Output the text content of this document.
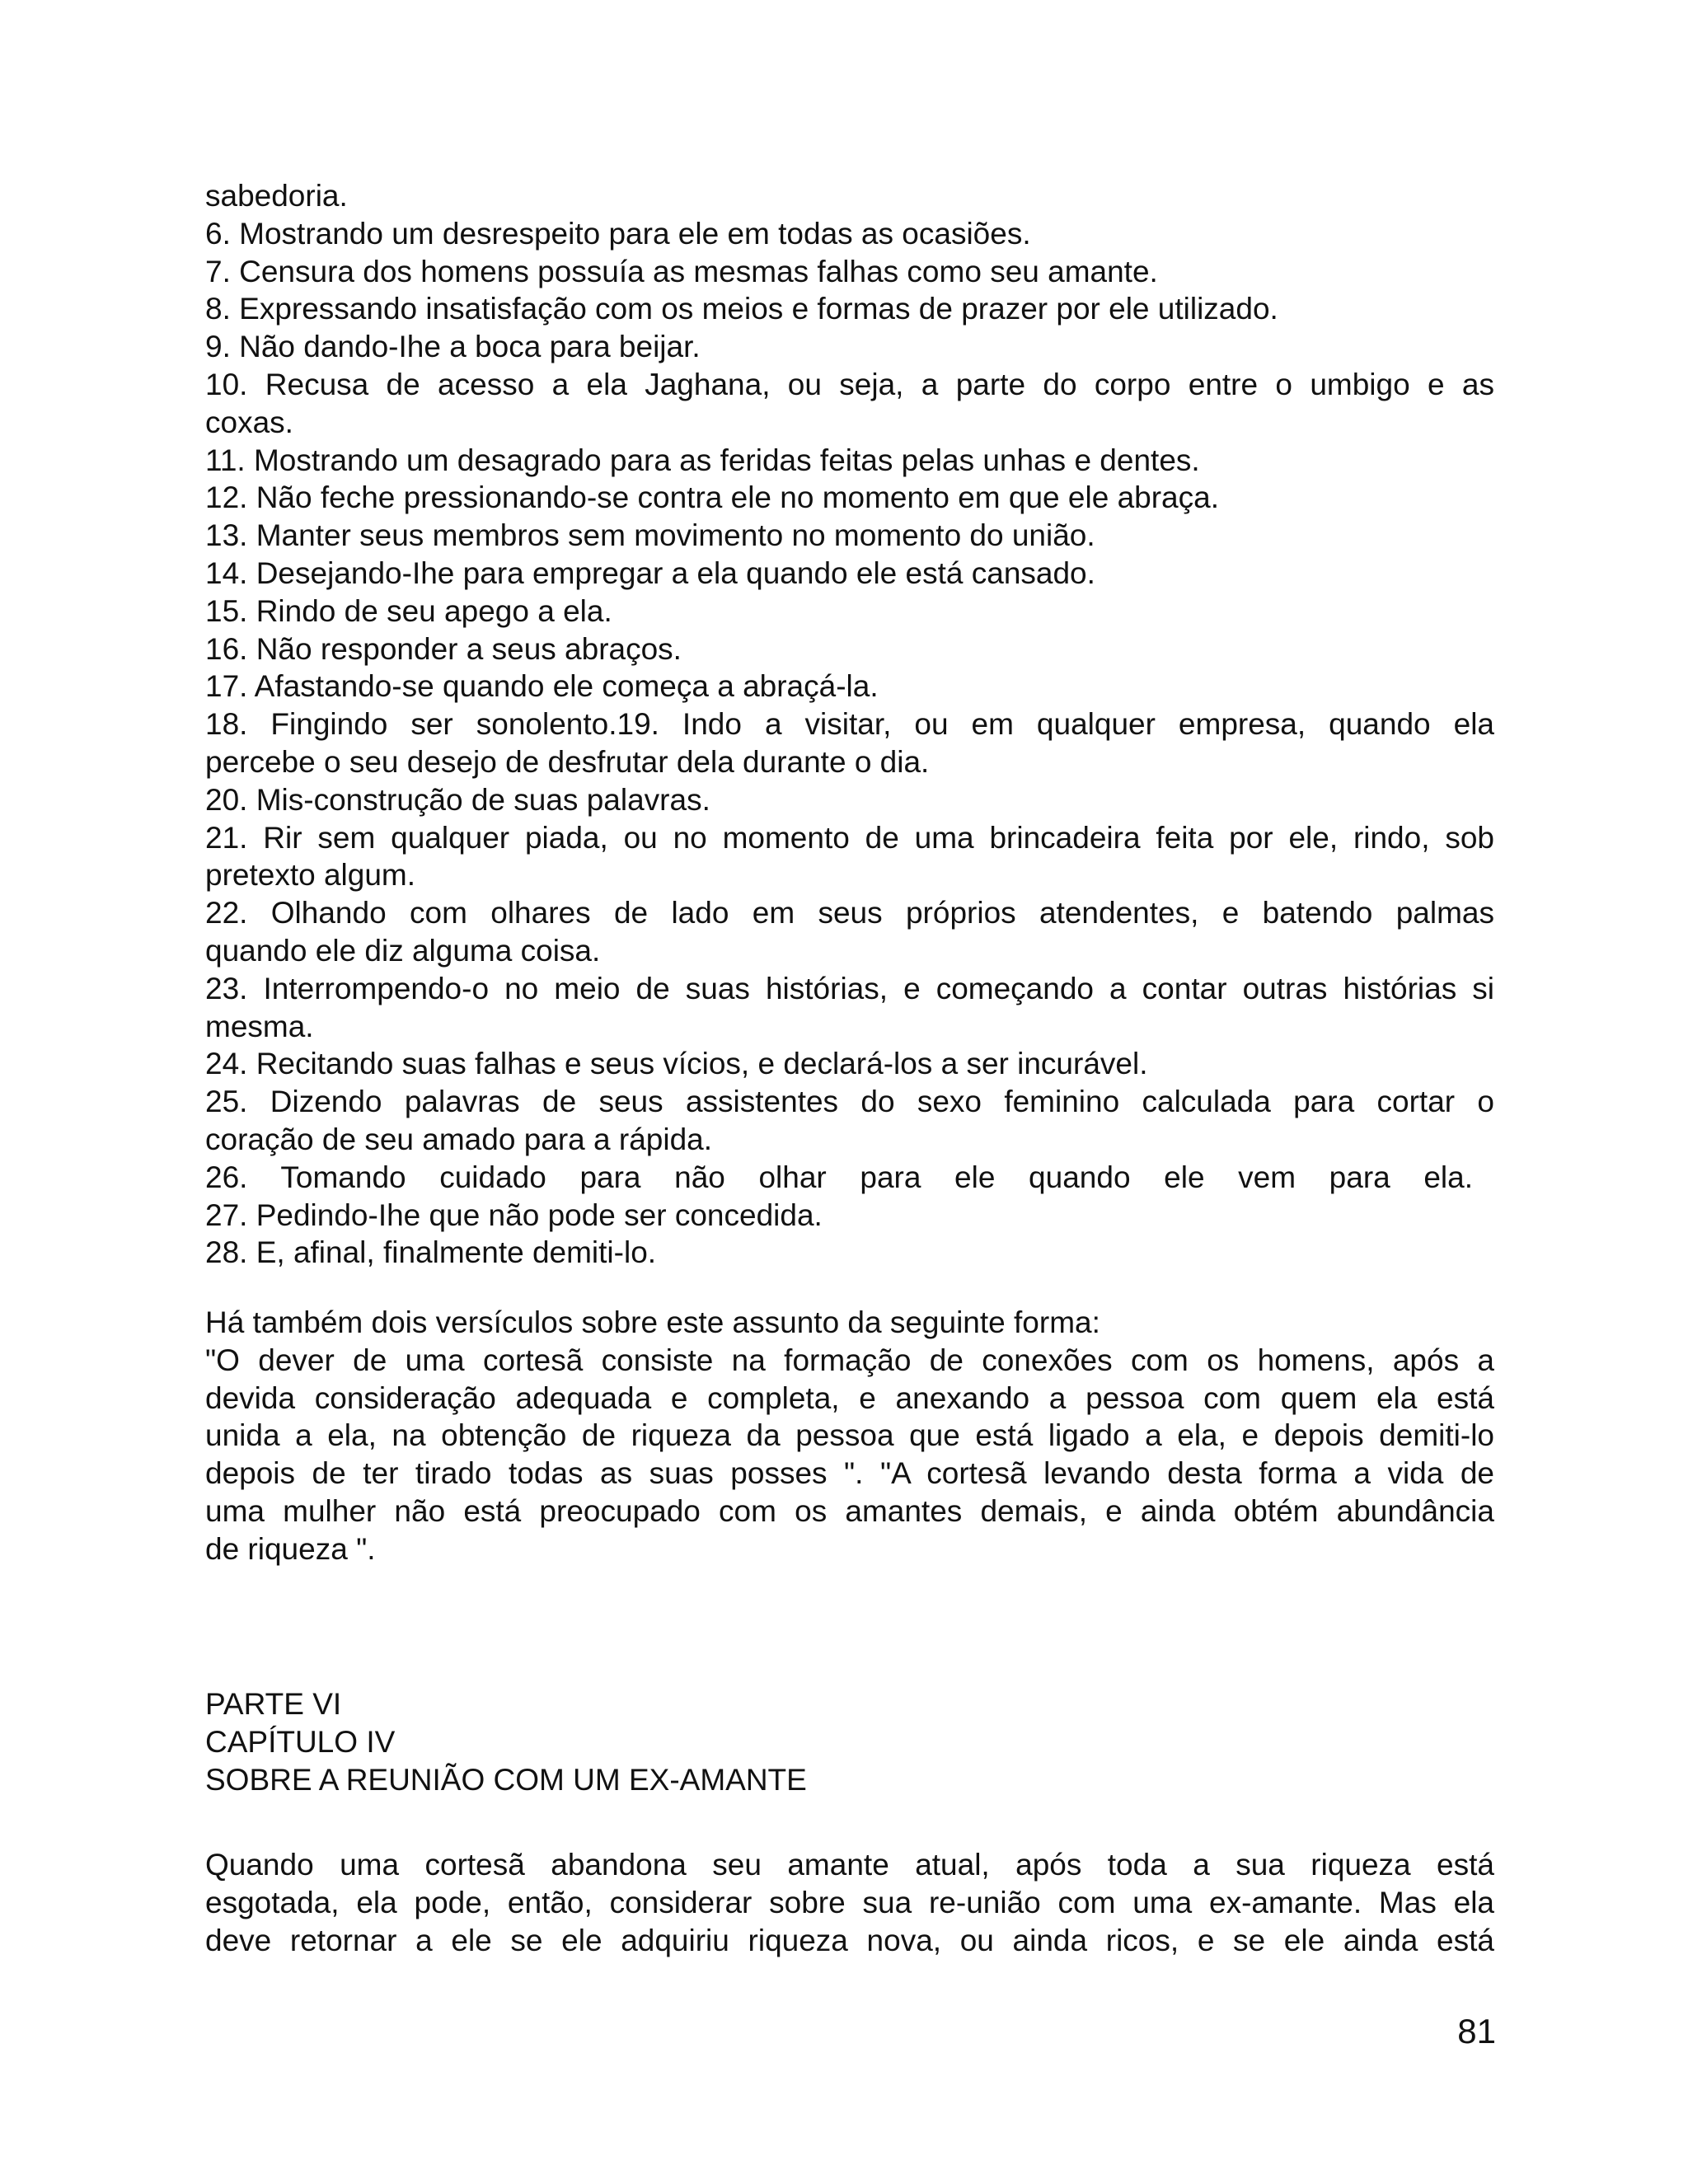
sabedoria.
6. Mostrando um desrespeito para ele em todas as ocasiões.
7. Censura dos homens possuía as mesmas falhas como seu amante.
8. Expressando insatisfação com os meios e formas de prazer por ele utilizado.
9. Não dando-Ihe a boca para beijar.
10. Recusa de acesso a ela Jaghana, ou seja, a parte do corpo entre o umbigo e as
coxas.
11. Mostrando um desagrado para as feridas feitas pelas unhas e dentes.
12. Não feche pressionando-se contra ele no momento em que ele abraça.
13. Manter seus membros sem movimento no momento do união.
14. Desejando-Ihe para empregar a ela quando ele está cansado.
15. Rindo de seu apego a ela.
16. Não responder a seus abraços.
17. Afastando-se quando ele começa a abraçá-la.
18. Fingindo ser sonolento.19. Indo a visitar, ou em qualquer empresa, quando ela
percebe o seu desejo de desfrutar dela durante o dia.
20. Mis-construção de suas palavras.
21. Rir sem qualquer piada, ou no momento de uma brincadeira feita por ele, rindo, sob
pretexto algum.
22. Olhando com olhares de lado em seus próprios atendentes, e batendo palmas
quando ele diz alguma coisa.
23. Interrompendo-o no meio de suas histórias, e começando a contar outras histórias si
mesma.
24. Recitando suas falhas e seus vícios, e declará-los a ser incurável.
25. Dizendo palavras de seus assistentes do sexo feminino calculada para cortar o
coração de seu amado para a rápida.
26. Tomando cuidado para não olhar para ele quando ele vem para ela.
27. Pedindo-Ihe que não pode ser concedida.
28. E, afinal, finalmente demiti-lo.
Há também dois versículos sobre este assunto da seguinte forma:
"O dever de uma cortesã consiste na formação de conexões com os homens, após a
devida consideração adequada e completa, e anexando a pessoa com quem ela está
unida a ela, na obtenção de riqueza da pessoa que está ligado a ela, e depois demiti-lo
depois de ter tirado todas as suas posses ". "A cortesã levando desta forma a vida de
uma mulher não está preocupado com os amantes demais, e ainda obtém abundância
de riqueza ".
PARTE VI
CAPÍTULO IV
SOBRE A REUNIÃO COM UM EX-AMANTE
Quando uma cortesã abandona seu amante atual, após toda a sua riqueza está
esgotada, ela pode, então, considerar sobre sua re-união com uma ex-amante. Mas ela
deve retornar a ele se ele adquiriu riqueza nova, ou ainda ricos, e se ele ainda está
81
